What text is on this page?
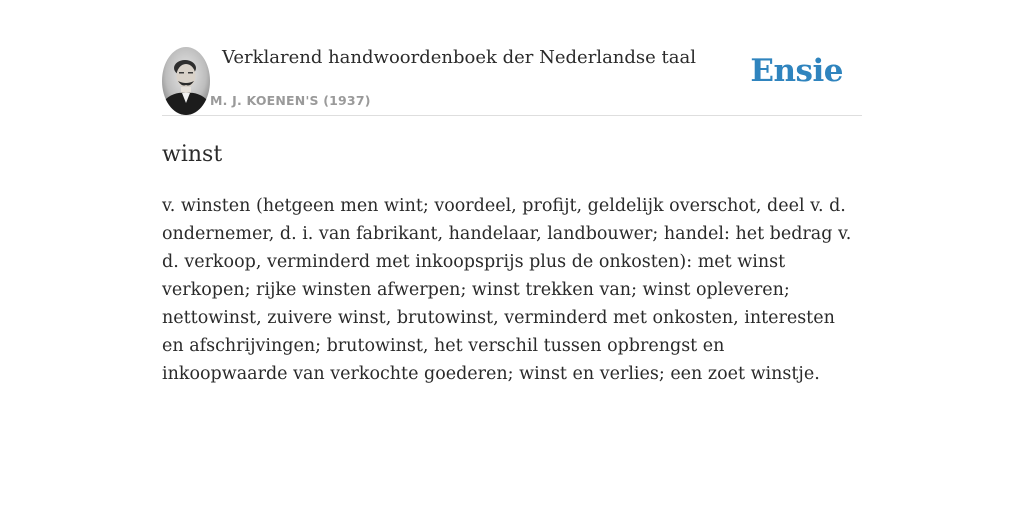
Verklarend handwoordenboek der Nederlandse taal
M. J. KOENEN'S (1937)
Ensie
winst

v. winsten (hetgeen men wint; voordeel, profijt, geldelijk overschot, deel v. d. ondernemer, d. i. van fabrikant, handelaar, landbouwer; handel: het bedrag v. d. verkoop, verminderd met inkoopsprijs plus de onkosten): met winst verkopen; rijke winsten afwerpen; winst trekken van; winst opleveren; nettowinst, zuivere winst, brutowinst, verminderd met onkosten, interesten en afschrijvingen; brutowinst, het verschil tussen opbrengst en inkoopwaarde van verkochte goederen; winst en verlies; een zoet winstje.
